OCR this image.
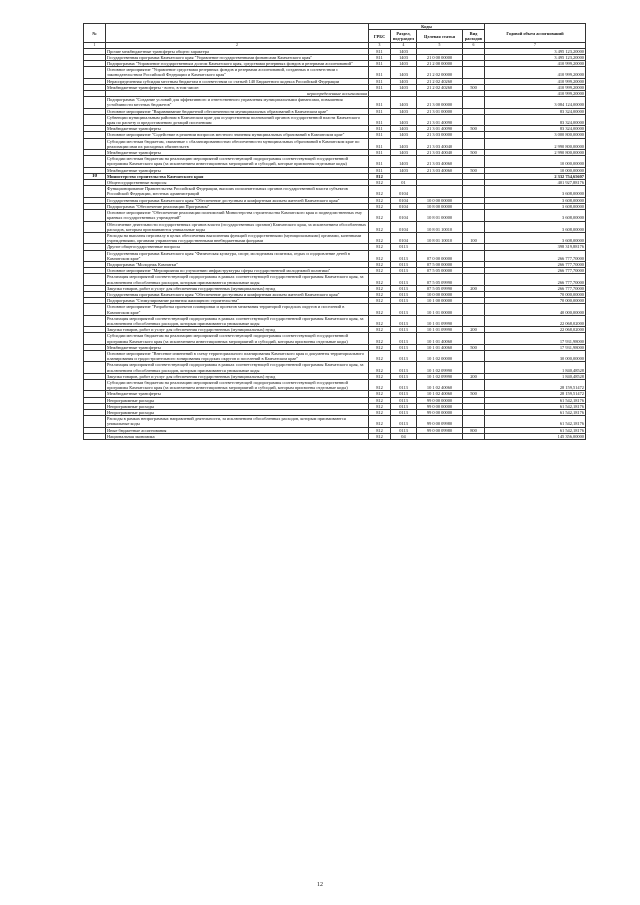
№		Коды				Годовой объем ассигнований
		ГРБС	Раздел, под-раздел	Целевая статья	Вид расходов	
1	2	3	4	5	6	7
	Прочие межбюджетные трансферты общего характера	811	1403			3 495 123,20000
	Государственная программа Камчатского края "Управление государственными финансами Камчатского края"	811	1403	21 0 00 00000		3 495 123,20000
	Подпрограмма "Управление государственным долгом Камчатского края, средствами резервных фондов и резервами ассигнований"	811	1403	21 2 00 00000		410 999,20000
	Основное мероприятие "Управление средствами резервных фондов и резервами ассигнований, созданных в соответствии с законодательством Российской Федерации и Камчатского края"	811	1403	21 2 02 00000		410 999,20000
	Нераспределенная субсидия местным бюджетам в соответствии со статьей 140 Бюджетного кодекса Российской Федерации	811	1403	21 2 02 40260		410 999,20000
	Межбюджетные трансферты - всего, в том числе:	811	1403	21 2 02 40260	500	410 999,20000
	нераспределенные ассигнования					410 999,20000
	Подпрограмма "Создание условий для эффективного и ответственного управления муниципальными финансами, повышения устойчивости местных бюджетов"	811	1403	21 3 00 00000		3 084 124,00000
	Основное мероприятие "Выравнивание бюджетной обеспеченности муниципальных образований в Камчатском крае"	811	1403	21 3 01 00000		83 324,00000
	Субвенции муниципальным районам в Камчатском крае для осуществления полномочий органов государственной власти Камчатского края по расчету и предоставлению дотаций поселениям	811	1403	21 3 01 40090		83 324,00000
	Межбюджетные трансферты	811	1403	21 3 01 40090	500	83 324,00000
	Основное мероприятие "Содействие в решении вопросов местного значения муниципальных образований в Камчатском крае"	811	1403	21 3 03 00000		3 000 800,00000
	Субсидии местным бюджетам, связанные с сбалансированностью обеспеченности муниципальных образований в Камчатском крае по реализации ими их расходных обязательств	811	1403	21 3 03 40040		2 990 800,00000
	Межбюджетные трансферты	811	1403	21 3 03 40040	500	2 990 800,00000
	Субсидии местным бюджетам на реализацию мероприятий соответствующей подпрограммы соответствующей государственной программы Камчатского края (за исключением инвестиционных мероприятий и субсидий, которые присвоены отдельные коды)	811	1403	21 3 03 40060		10 000,00000
	Межбюджетные трансферты	811	1403	21 3 03 40060	500	10 000,00000
10	Министерство строительства Камчатского края	812				2 332 754,65607
	Общегосударственные вопросы	812	01			401 927,88176
	Функционирование Правительства Российской Федерации, высших исполнительных органов государственной власти субъектов Российской Федерации, местных администраций	812	0104			3 608,00000
	Государственная программа Камчатского края "Обеспечение доступным и комфортным жильем жителей Камчатского края"	812	0104	10 0 00 00000		3 608,00000
	Подпрограмма "Обеспечение реализации Программы"	812	0104	10 8 00 00000		3 608,00000
	Основное мероприятие "Обеспечение реализации полномочий Министерства строительства Камчатского края и подведомственных ему краевых государственных учреждений"	812	0104	10 8 01 00000		3 608,00000
	Обеспечение деятельности государственных органов власти (государственных органов) Камчатского края, за исключением обособленных расходов, которым присваиваются уникальные коды	812	0104	10 8 01 10010		3 608,00000
	Расходы на выплаты персоналу в целях обеспечения выполнения функций государственными (муниципальными) органами, казенными учреждениями, органами управления государственными внебюджетными фондами	812	0104	10 8 01 10010	100	3 608,00000
	Другие общегосударственные вопросы	812	0113			398 319,88176
	Государственная программа Камчатского края "Физическая культура, спорт, молодежная политика, отдых и оздоровление детей в Камчатском крае"	812	0113	07 0 00 00000		266 777,70000
	Подпрограмма "Молодежь Камчатки"	812	0113	07 5 00 00000		266 777,70000
	Основное мероприятие "Мероприятия по улучшению инфраструктуры сферы государственной молодежной политики"	812	0113	07 5 05 00000		266 777,70000
	Реализация мероприятий соответствующей подпрограммы в рамках соответствующей государственной программы Камчатского края, за исключением обособленных расходов, которым присваиваются уникальные коды	812	0113	07 5 05 09990		266 777,70000
	Закупка товаров, работ и услуг для обеспечения государственных (муниципальных) нужд	812	0113	07 5 05 09990	200	266 777,70000
	Государственная программа Камчатского края "Обеспечение доступным и комфортным жильем жителей Камчатского края"	812	0113	10 0 00 00000		70 000,00000
	Подпрограмма "Стимулирование развития жилищного строительства"	812	0113	10 1 00 00000		70 000,00000
	Основное мероприятие "Разработка проектов планировки и проектов межевания территорий городских округов и поселений в Камчатском крае"	812	0113	10 1 01 00000		40 000,00000
	Реализация мероприятий соответствующей подпрограммы в рамках соответствующей государственной программы Камчатского края, за исключением обособленных расходов, которым присваиваются уникальные коды	812	0113	10 1 01 09990		22 068,02000
	Закупка товаров, работ и услуг для обеспечения государственных (муниципальных) нужд	812	0113	10 1 01 09990	200	22 068,02000
	Субсидии местным бюджетам на реализацию мероприятий соответствующей подпрограммы соответствующей государственной программы Камчатского края (за исключением инвестиционных мероприятий и субсидий, которым присвоены отдельные коды)	812	0113	10 1 01 40060		17 931,98000
	Межбюджетные трансферты	812	0113	10 1 01 40060	500	17 931,98000
	Основное мероприятие "Внесение изменений в схему территориального планирования Камчатского края и документы территориального планирования и градостроительного зонирования городских округов и поселений в Камчатском крае"	812	0113	10 1 02 00000		30 000,00000
	Реализация мероприятий соответствующей подпрограммы в рамках соответствующей государственной программы Камчатского края, за исключением обособленных расходов, которым присваиваются уникальные коды	812	0113	10 1 02 09990		1 840,48528
	Закупка товаров, работ и услуг для обеспечения государственных (муниципальных) нужд	812	0113	10 1 02 09990	200	1 840,48528
	Субсидии местным бюджетам на реализацию мероприятий соответствующей подпрограммы соответствующей государственной программы Камчатского края (за исключением инвестиционных мероприятий и субсидий, которым присвоены отдельные коды)	812	0113	10 1 02 40060		28 159,51472
	Межбюджетные трансферты	812	0113	10 1 02 40060	500	28 159,51472
	Непрограммные расходы	812	0113	99 0 00 00000		61 542,18176
	Непрограммные расходы	812	0113	99 0 00 00000		61 542,18176
	Непрограммные расходы	812	0113	99 0 00 00000		61 542,18176
	Расходы в рамках непрограммых направлений деятельности, за исключением обособленных расходов, которым присваиваются уникальные коды	812	0113	99 0 00 09980		61 542,18176
	Иные бюджетные ассигнования	812	0113	99 0 00 09980	800	61 542,18176
	Национальная экономика	812	04			145 356,00000
12
